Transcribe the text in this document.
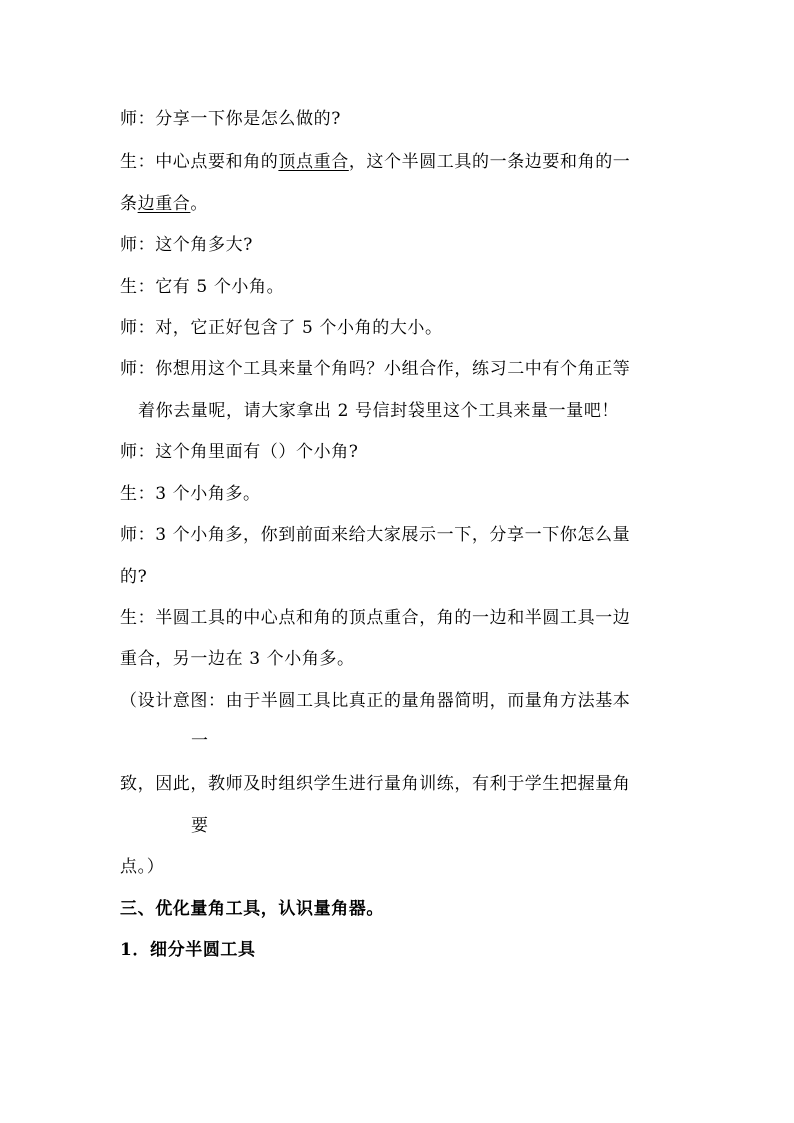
师：分享一下你是怎么做的?
生：中心点要和角的顶点重合，这个半圆工具的一条边要和角的一
条边重合。
师：这个角多大?
生：它有 5 个小角。
师：对，它正好包含了 5 个小角的大小。
师：你想用这个工具来量个角吗？小组合作，练习二中有个角正等
着你去量呢，请大家拿出 2 号信封袋里这个工具来量一量吧！
师：这个角里面有（）个小角?
生：3 个小角多。
师：3 个小角多，你到前面来给大家展示一下，分享一下你怎么量
的?
生：半圆工具的中心点和角的顶点重合，角的一边和半圆工具一边
重合，另一边在 3 个小角多。
（设计意图：由于半圆工具比真正的量角器简明，而量角方法基本
一
致，因此，教师及时组织学生进行量角训练，有利于学生把握量角
要
点。）
三、优化量角工具，认识量角器。
1．细分半圆工具
